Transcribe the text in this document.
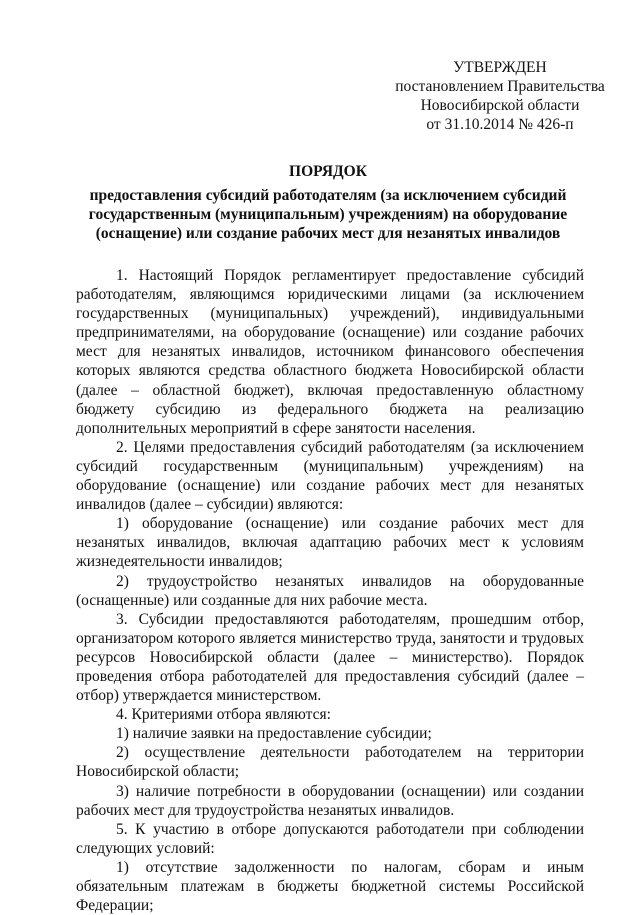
УТВЕРЖДЕН
постановлением Правительства
Новосибирской области
от 31.10.2014 № 426-п
ПОРЯДОК
предоставления субсидий работодателям (за исключением субсидий государственным (муниципальным) учреждениям) на оборудование (оснащение) или создание рабочих мест для незанятых инвалидов

1. Настоящий Порядок регламентирует предоставление субсидий работодателям, являющимся юридическими лицами (за исключением государственных (муниципальных) учреждений), индивидуальными предпринимателями, на оборудование (оснащение) или создание рабочих мест для незанятых инвалидов, источником финансового обеспечения которых являются средства областного бюджета Новосибирской области (далее – областной бюджет), включая предоставленную областному бюджету субсидию из федерального бюджета на реализацию дополнительных мероприятий в сфере занятости населения.

2. Целями предоставления субсидий работодателям (за исключением субсидий государственным (муниципальным) учреждениям) на оборудование (оснащение) или создание рабочих мест для незанятых инвалидов (далее – субсидии) являются:

1) оборудование (оснащение) или создание рабочих мест для незанятых инвалидов, включая адаптацию рабочих мест к условиям жизнедеятельности инвалидов;

2) трудоустройство незанятых инвалидов на оборудованные (оснащенные) или созданные для них рабочие места.

3. Субсидии предоставляются работодателям, прошедшим отбор, организатором которого является министерство труда, занятости и трудовых ресурсов Новосибирской области (далее – министерство). Порядок проведения отбора работодателей для предоставления субсидий (далее – отбор) утверждается министерством.

4. Критериями отбора являются:

1) наличие заявки на предоставление субсидии;

2) осуществление деятельности работодателем на территории Новосибирской области;

3) наличие потребности в оборудовании (оснащении) или создании рабочих мест для трудоустройства незанятых инвалидов.

5. К участию в отборе допускаются работодатели при соблюдении следующих условий:

1) отсутствие задолженности по налогам, сборам и иным обязательным платежам в бюджеты бюджетной системы Российской Федерации;
